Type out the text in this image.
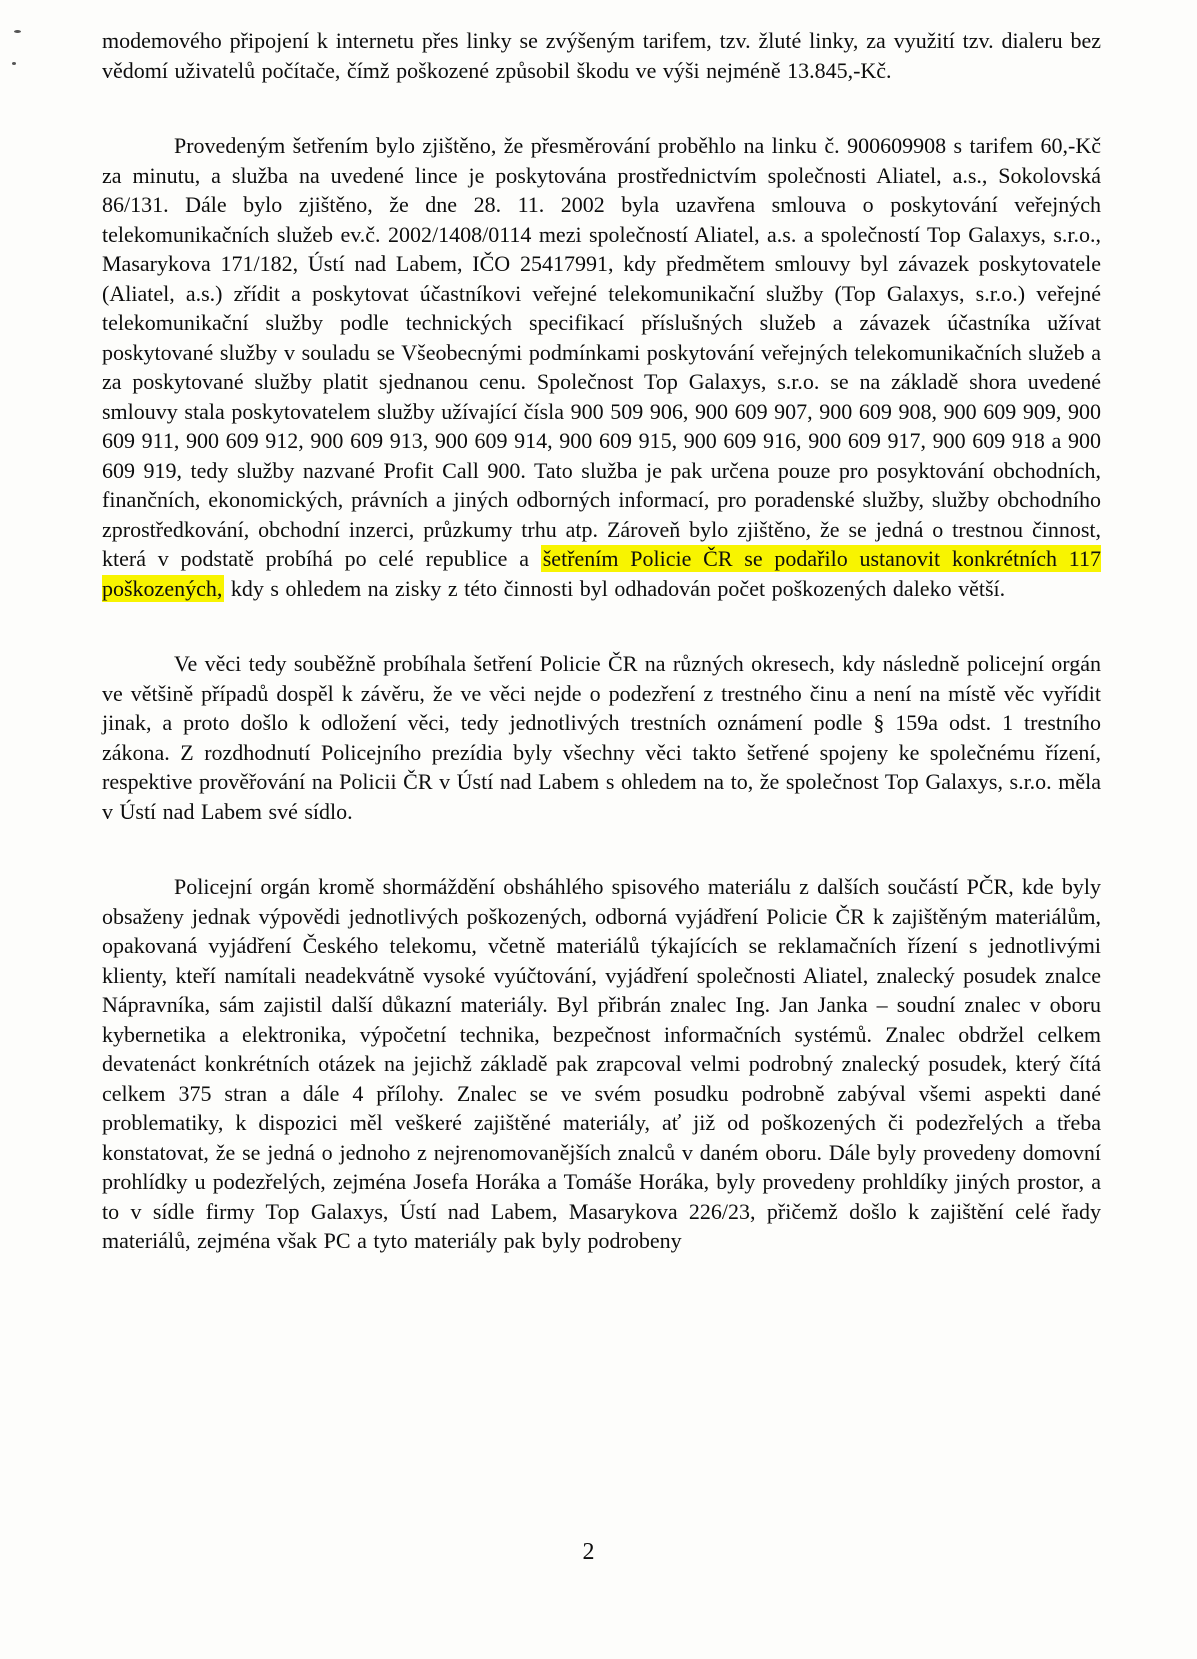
modemového připojení k internetu přes linky se zvýšeným tarifem, tzv. žluté linky, za využití tzv. dialeru bez vědomí uživatelů počítače, čímž poškozené způsobil škodu ve výši nejméně 13.845,-Kč.

Provedeným šetřením bylo zjištěno, že přesměrování proběhlo na linku č. 900609908 s tarifem 60,-Kč za minutu, a služba na uvedené lince je poskytována prostřednictvím společnosti Aliatel, a.s., Sokolovská 86/131. Dále bylo zjištěno, že dne 28. 11. 2002 byla uzavřena smlouva o poskytování veřejných telekomunikačních služeb ev.č. 2002/1408/0114 mezi společností Aliatel, a.s. a společností Top Galaxys, s.r.o., Masarykova 171/182, Ústí nad Labem, IČO 25417991, kdy předmětem smlouvy byl závazek poskytovatele (Aliatel, a.s.) zřídit a poskytovat účastníkovi veřejné telekomunikační služby (Top Galaxys, s.r.o.) veřejné telekomunikační služby podle technických specifikací příslušných služeb a závazek účastníka užívat poskytované služby v souladu se Všeobecnými podmínkami poskytování veřejných telekomunikačních služeb a za poskytované služby platit sjednanou cenu. Společnost Top Galaxys, s.r.o. se na základě shora uvedené smlouvy stala poskytovatelem služby užívající čísla 900 509 906, 900 609 907, 900 609 908, 900 609 909, 900 609 911, 900 609 912, 900 609 913, 900 609 914, 900 609 915, 900 609 916, 900 609 917, 900 609 918 a 900 609 919, tedy služby nazvané Profit Call 900. Tato služba je pak určena pouze pro posyktování obchodních, finančních, ekonomických, právních a jiných odborných informací, pro poradenské služby, služby obchodního zprostředkování, obchodní inzerci, průzkumy trhu atp. Zároveň bylo zjištěno, že se jedná o trestnou činnost, která v podstatě probíhá po celé republice a šetřením Policie ČR se podařilo ustanovit konkrétních 117 poškozených, kdy s ohledem na zisky z této činnosti byl odhadován počet poškozených daleko větší.

Ve věci tedy souběžně probíhala šetření Policie ČR na různých okresech, kdy následně policejní orgán ve většině případů dospěl k závěru, že ve věci nejde o podezření z trestného činu a není na místě věc vyřídit jinak, a proto došlo k odložení věci, tedy jednotlivých trestních oznámení podle § 159a odst. 1 trestního zákona. Z rozdhodnutí Policejního prezídia byly všechny věci takto šetřené spojeny ke společnému řízení, respektive prověřování na Policii ČR v Ústí nad Labem s ohledem na to, že společnost Top Galaxys, s.r.o. měla v Ústí nad Labem své sídlo.

Policejní orgán kromě shormáždění obsháhlého spisového materiálu z dalších součástí PČR, kde byly obsaženy jednak výpovědi jednotlivých poškozených, odborná vyjádření Policie ČR k zajištěným materiálům, opakovaná vyjádření Českého telekomu, včetně materiálů týkajících se reklamačních řízení s jednotlivými klienty, kteří namítali neadekvátně vysoké vyúčtování, vyjádření společnosti Aliatel, znalecký posudek znalce Nápravníka, sám zajistil další důkazní materiály. Byl přibrán znalec Ing. Jan Janka – soudní znalec v oboru kybernetika a elektronika, výpočetní technika, bezpečnost informačních systémů. Znalec obdržel celkem devatenáct konkrétních otázek na jejichž základě pak zrapcoval velmi podrobný znalecký posudek, který čítá celkem 375 stran a dále 4 přílohy. Znalec se ve svém posudku podrobně zabýval všemi aspekti dané problematiky, k dispozici měl veškeré zajištěné materiály, ať již od poškozených či podezřelých a třeba konstatovat, že se jedná o jednoho z nejrenomovanějších znalců v daném oboru. Dále byly provedeny domovní prohlídky u podezřelých, zejména Josefa Horáka a Tomáše Horáka, byly provedeny prohldíky jiných prostor, a to v sídle firmy Top Galaxys, Ústí nad Labem, Masarykova 226/23, přičemž došlo k zajištění celé řady materiálů, zejména však PC a tyto materiály pak byly podrobeny

2
